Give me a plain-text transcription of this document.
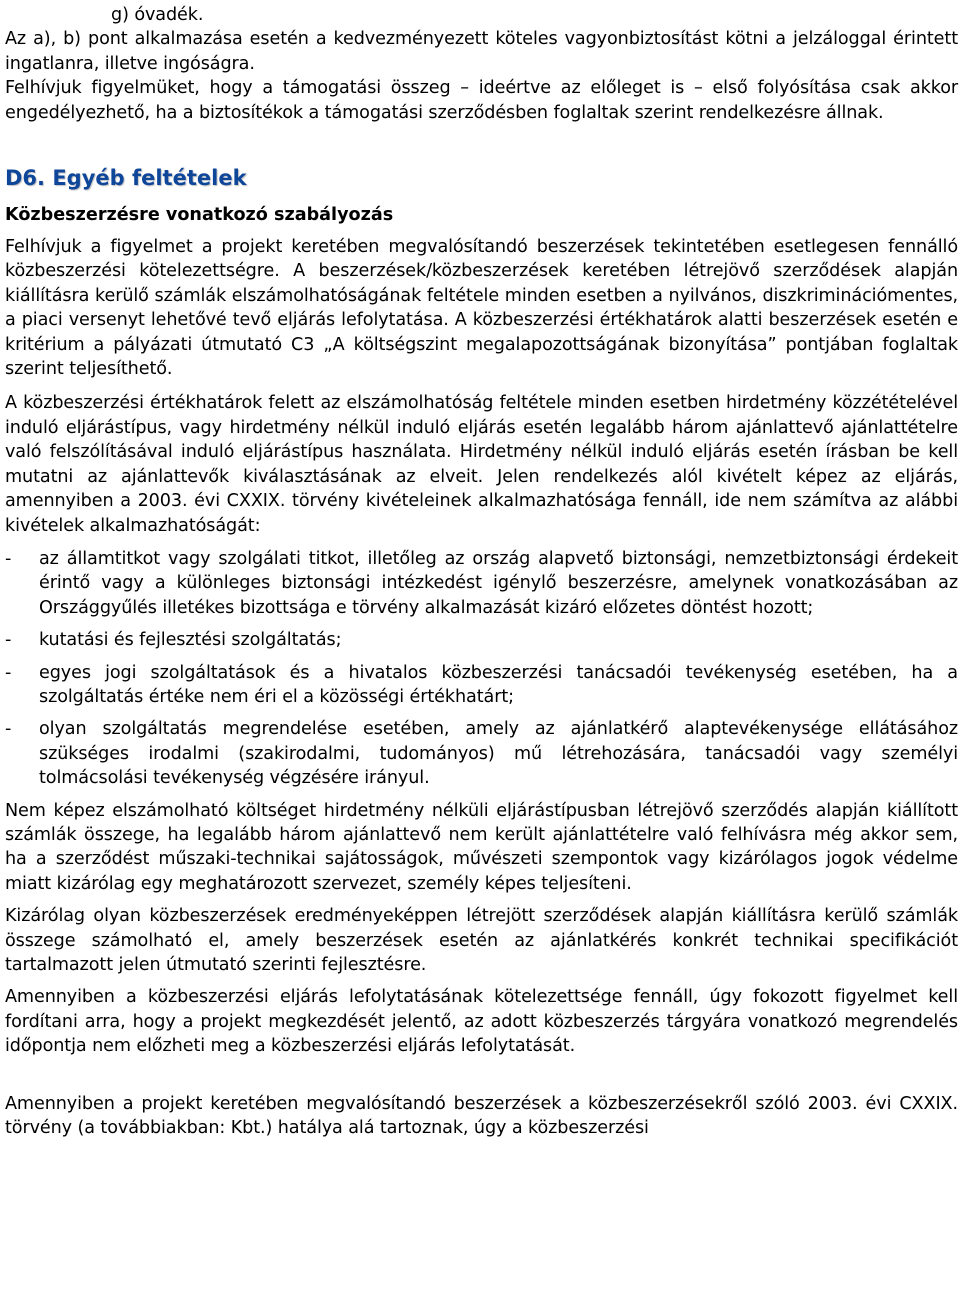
g) óvadék.

Az a), b) pont alkalmazása esetén a kedvezményezett köteles vagyonbiztosítást kötni a jelzáloggal érintett ingatlanra, illetve ingóságra.

Felhívjuk figyelmüket, hogy a támogatási összeg – ideértve az előleget is – első folyósítása csak akkor engedélyezhető, ha a biztosítékok a támogatási szerződésben foglaltak szerint rendelkezésre állnak.

D6. Egyéb feltételek
Közbeszerzésre vonatkozó szabályozás

Felhívjuk a figyelmet a projekt keretében megvalósítandó beszerzések tekintetében esetlegesen fennálló közbeszerzési kötelezettségre. A beszerzések/közbeszerzések keretében létrejövő szerződések alapján kiállításra kerülő számlák elszámolhatóságának feltétele minden esetben a nyilvános, diszkriminációmentes, a piaci versenyt lehetővé tevő eljárás lefolytatása. A közbeszerzési értékhatárok alatti beszerzések esetén e kritérium a pályázati útmutató C3 „A költségszint megalapozottságának bizonyítása” pontjában foglaltak szerint teljesíthető.

A közbeszerzési értékhatárok felett az elszámolhatóság feltétele minden esetben hirdetmény közzétételével induló eljárástípus, vagy hirdetmény nélkül induló eljárás esetén legalább három ajánlattevő ajánlattételre való felszólításával induló eljárástípus használata. Hirdetmény nélkül induló eljárás esetén írásban be kell mutatni az ajánlattevők kiválasztásának az elveit. Jelen rendelkezés alól kivételt képez az eljárás, amennyiben a 2003. évi CXXIX. törvény kivételeinek alkalmazhatósága fennáll, ide nem számítva az alábbi kivételek alkalmazhatóságát:

- az államtitkot vagy szolgálati titkot, illetőleg az ország alapvető biztonsági, nemzetbiztonsági érdekeit érintő vagy a különleges biztonsági intézkedést igénylő beszerzésre, amelynek vonatkozásában az Országgyűlés illetékes bizottsága e törvény alkalmazását kizáró előzetes döntést hozott;
- kutatási és fejlesztési szolgáltatás;
- egyes jogi szolgáltatások és a hivatalos közbeszerzési tanácsadói tevékenység esetében, ha a szolgáltatás értéke nem éri el a közösségi értékhatárt;
- olyan szolgáltatás megrendelése esetében, amely az ajánlatkérő alaptevékenysége ellátásához szükséges irodalmi (szakirodalmi, tudományos) mű létrehozására, tanácsadói vagy személyi tolmácsolási tevékenység végzésére irányul.

Nem képez elszámolható költséget hirdetmény nélküli eljárástípusban létrejövő szerződés alapján kiállított számlák összege, ha legalább három ajánlattevő nem került ajánlattételre való felhívásra még akkor sem, ha a szerződést műszaki-technikai sajátosságok, művészeti szempontok vagy kizárólagos jogok védelme miatt kizárólag egy meghatározott szervezet, személy képes teljesíteni.

Kizárólag olyan közbeszerzések eredményeképpen létrejött szerződések alapján kiállításra kerülő számlák összege számolható el, amely beszerzések esetén az ajánlatkérés konkrét technikai specifikációt tartalmazott jelen útmutató szerinti fejlesztésre.

Amennyiben a közbeszerzési eljárás lefolytatásának kötelezettsége fennáll, úgy fokozott figyelmet kell fordítani arra, hogy a projekt megkezdését jelentő, az adott közbeszerzés tárgyára vonatkozó megrendelés időpontja nem előzheti meg a közbeszerzési eljárás lefolytatását.

Amennyiben a projekt keretében megvalósítandó beszerzések a közbeszerzésekről szóló 2003. évi CXXIX. törvény (a továbbiakban: Kbt.) hatálya alá tartoznak, úgy a közbeszerzési
